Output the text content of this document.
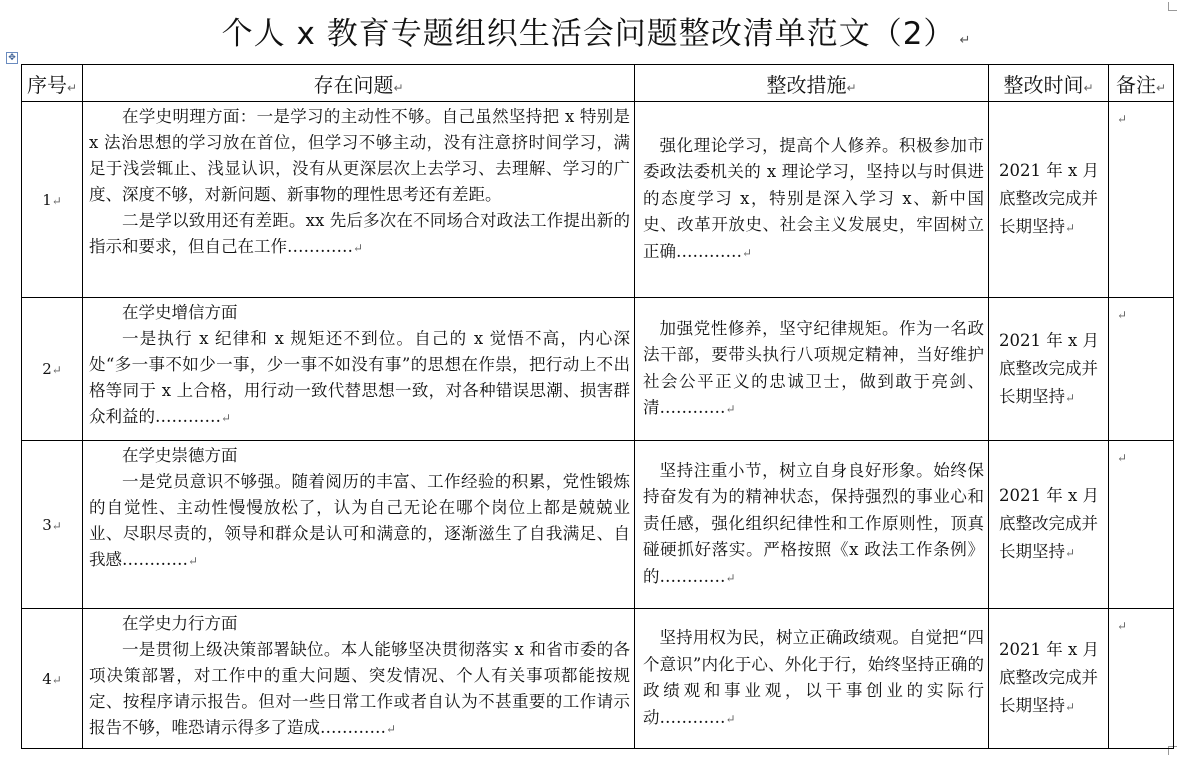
个人 x 教育专题组织生活会问题整改清单范文（2） ↵
✥
序号↵	存在问题↵	整改措施↵	整改时间↵	备注↵
1↵	在学史明理方面：一是学习的主动性不够。自己虽然坚持把 x 特别是 x 法治思想的学习放在首位，但学习不够主动，没有注意挤时间学习，满足于浅尝辄止、浅显认识，没有从更深层次上去学习、去理解、学习的广度、深度不够，对新问题、新事物的理性思考还有差距。

二是学以致用还有差距。xx 先后多次在不同场合对政法工作提出新的指示和要求，但自己在工作…………↵	强化理论学习，提高个人修养。积极参加市委政法委机关的 x 理论学习，坚持以与时俱进的态度学习 x，特别是深入学习 x、新中国史、改革开放史、社会主义发展史，牢固树立正确…………↵	2021 年 x 月底整改完成并长期坚持↵	↵
2↵	在学史增信方面

一是执行 x 纪律和 x 规矩还不到位。自己的 x 觉悟不高，内心深处“多一事不如少一事，少一事不如没有事”的思想在作祟，把行动上不出格等同于 x 上合格，用行动一致代替思想一致，对各种错误思潮、损害群众利益的…………↵	加强党性修养，坚守纪律规矩。作为一名政法干部，要带头执行八项规定精神，当好维护社会公平正义的忠诚卫士，做到敢于亮剑、清…………↵	2021 年 x 月底整改完成并长期坚持↵	↵
3↵	在学史崇德方面

一是党员意识不够强。随着阅历的丰富、工作经验的积累，党性锻炼的自觉性、主动性慢慢放松了，认为自己无论在哪个岗位上都是兢兢业业、尽职尽责的，领导和群众是认可和满意的，逐渐滋生了自我满足、自我感…………↵	坚持注重小节，树立自身良好形象。始终保持奋发有为的精神状态，保持强烈的事业心和责任感，强化组织纪律性和工作原则性，顶真碰硬抓好落实。严格按照《x 政法工作条例》的…………↵	2021 年 x 月底整改完成并长期坚持↵	↵
4↵	在学史力行方面

一是贯彻上级决策部署缺位。本人能够坚决贯彻落实 x 和省市委的各项决策部署，对工作中的重大问题、突发情况、个人有关事项都能按规定、按程序请示报告。但对一些日常工作或者自认为不甚重要的工作请示报告不够，唯恐请示得多了造成…………↵	坚持用权为民，树立正确政绩观。自觉把“四个意识”内化于心、外化于行，始终坚持正确的政绩观和事业观，以干事创业的实际行动…………↵	2021 年 x 月底整改完成并长期坚持↵	↵
